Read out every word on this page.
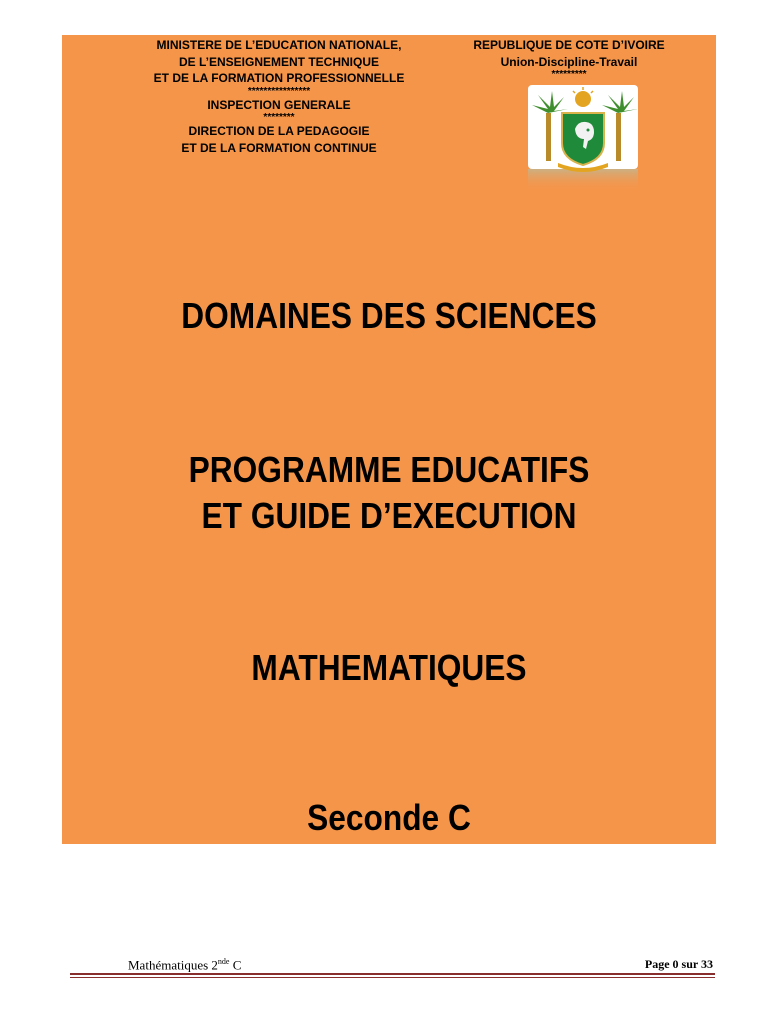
MINISTERE DE L’EDUCATION NATIONALE,
DE L’ENSEIGNEMENT TECHNIQUE
ET DE LA FORMATION PROFESSIONNELLE
****************
INSPECTION GENERALE
********
DIRECTION DE LA PEDAGOGIE
ET DE LA FORMATION CONTINUE
REPUBLIQUE DE COTE D’IVOIRE
Union-Discipline-Travail
*********
DOMAINES DES SCIENCES
PROGRAMME EDUCATIFS
ET GUIDE D’EXECUTION
MATHEMATIQUES
Seconde C
Mathématiques 2nde C	Page 0 sur 33
